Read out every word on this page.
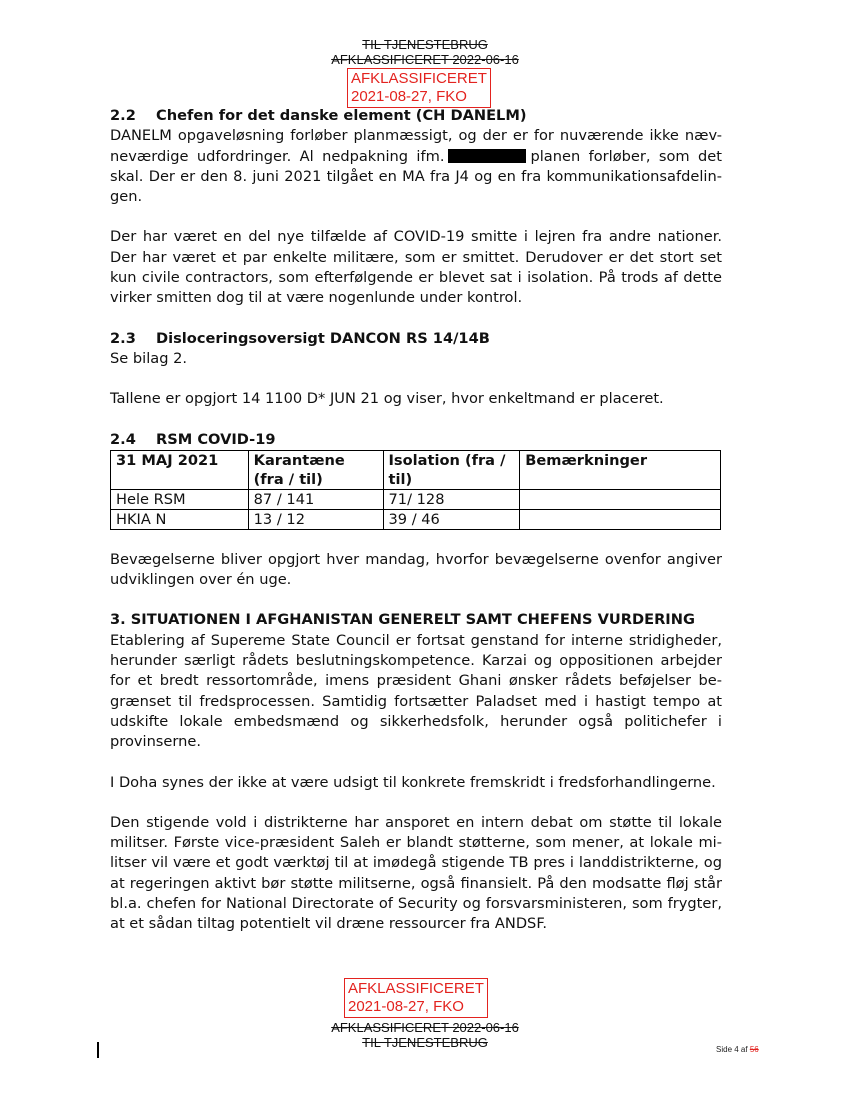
TIL TJENESTEBRUG
AFKLASSIFICERET 2022-06-16
AFKLASSIFICERET
2021-08-27, FKO
2.2 Chefen for det danske element (CH DANELM)

DANELM opgaveløsning forløber planmæssigt, og der er for nuværende ikke næv-neværdige udfordringer. Al nedpakning ifm.	planen forløber, som det skal. Der er den 8. juni 2021 tilgået en MA fra J4 og en fra kommunikationsafdelingen.

Der har været en del nye tilfælde af COVID-19 smitte i lejren fra andre nationer. Der har været et par enkelte militære, som er smittet. Derudover er det stort set kun civile contractors, som efterfølgende er blevet sat i isolation. På trods af dette virker smitten dog til at være nogenlunde under kontrol.

2.3 Disloceringsoversigt DANCON RS 14/14B

Se bilag 2.

Tallene er opgjort 14 1100 D* JUN 21 og viser, hvor enkeltmand er placeret.

2.4 RSM COVID-19
31 MAJ 2021	Karantæne (fra / til)	Isolation (fra / til)	Bemærkninger
Hele RSM	87 / 141	71/ 128	
HKIA N	13 / 12	39 / 46	

Bevægelserne bliver opgjort hver mandag, hvorfor bevægelserne ovenfor angiver udviklingen over én uge.

3. SITUATIONEN I AFGHANISTAN GENERELT SAMT CHEFENS VURDERING

Etablering af Supereme State Council er fortsat genstand for interne stridigheder, herunder særligt rådets beslutningskompetence. Karzai og oppositionen arbejder for et bredt ressortområde, imens præsident Ghani ønsker rådets beføjelser begrænset til fredsprocessen. Samtidig fortsætter Paladset med i hastigt tempo at udskifte lokale embedsmænd og sikkerhedsfolk, herunder også politichefer i provinserne.

I Doha synes der ikke at være udsigt til konkrete fremskridt i fredsforhandlingerne.

Den stigende vold i distrikterne har ansporet en intern debat om støtte til lokale militser. Første vice-præsident Saleh er blandt støtterne, som mener, at lokale militser vil være et godt værktøj til at imødegå stigende TB pres i landdistrikterne, og at regeringen aktivt bør støtte militserne, også finansielt. På den modsatte fløj står bl.a. chefen for National Directorate of Security og forsvarsministeren, som frygter, at et sådan tiltag potentielt vil dræne ressourcer fra ANDSF.

AFKLASSIFICERET
2021-08-27, FKO
AFKLASSIFICERET 2022-06-16
TIL TJENESTEBRUG	Side 4 af 56
